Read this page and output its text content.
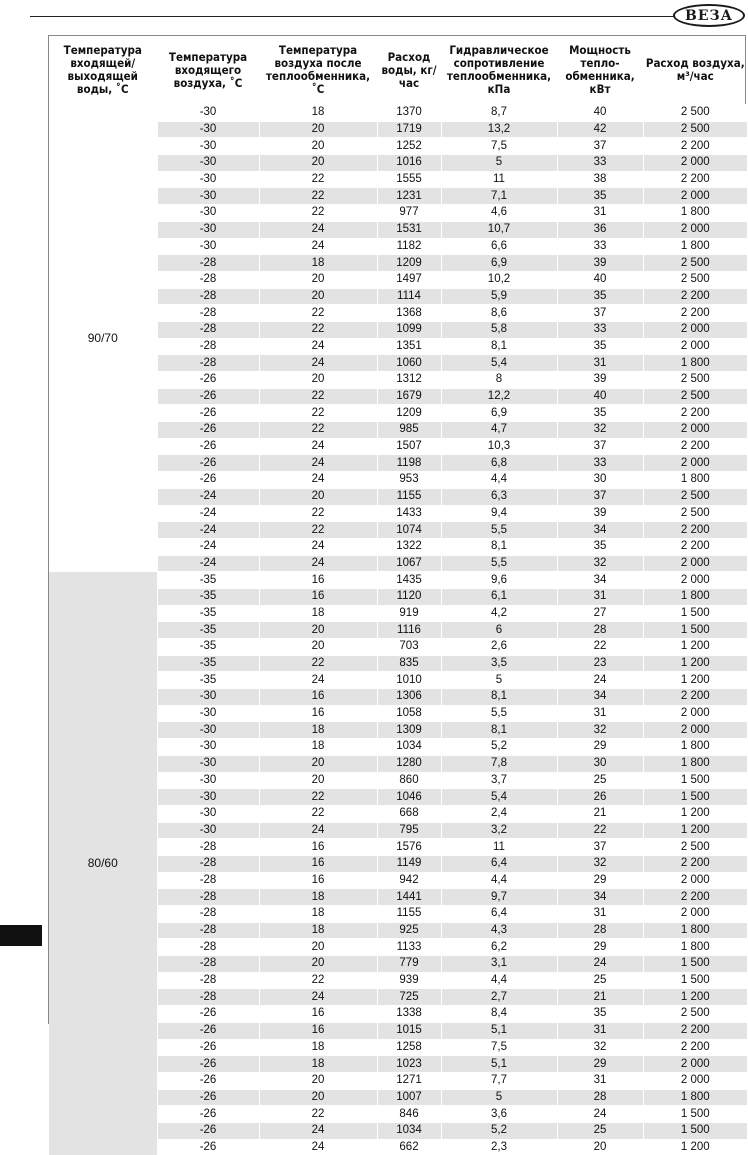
ВЕЗА
Температура входящей/ выходящей воды, ˚С	Температура входящего воздуха, ˚С	Температура воздуха после теплообменника, ˚С	Расход воды, кг/час	Гидравлическое сопротивление теплообменника, кПа	Мощность тепло-обменника, кВт	Расход воздуха, м³/час
90/70	-30	18	1370	8,7	40	2 500
	-30	20	1719	13,2	42	2 500
	-30	20	1252	7,5	37	2 200
	-30	20	1016	5	33	2 000
	-30	22	1555	11	38	2 200
	-30	22	1231	7,1	35	2 000
	-30	22	977	4,6	31	1 800
	-30	24	1531	10,7	36	2 000
	-30	24	1182	6,6	33	1 800
	-28	18	1209	6,9	39	2 500
	-28	20	1497	10,2	40	2 500
	-28	20	1114	5,9	35	2 200
	-28	22	1368	8,6	37	2 200
	-28	22	1099	5,8	33	2 000
	-28	24	1351	8,1	35	2 000
	-28	24	1060	5,4	31	1 800
	-26	20	1312	8	39	2 500
	-26	22	1679	12,2	40	2 500
	-26	22	1209	6,9	35	2 200
	-26	22	985	4,7	32	2 000
	-26	24	1507	10,3	37	2 200
	-26	24	1198	6,8	33	2 000
	-26	24	953	4,4	30	1 800
	-24	20	1155	6,3	37	2 500
	-24	22	1433	9,4	39	2 500
	-24	22	1074	5,5	34	2 200
	-24	24	1322	8,1	35	2 200
	-24	24	1067	5,5	32	2 000
80/60	-35	16	1435	9,6	34	2 000
	-35	16	1120	6,1	31	1 800
	-35	18	919	4,2	27	1 500
	-35	20	1116	6	28	1 500
	-35	20	703	2,6	22	1 200
	-35	22	835	3,5	23	1 200
	-35	24	1010	5	24	1 200
	-30	16	1306	8,1	34	2 200
	-30	16	1058	5,5	31	2 000
	-30	18	1309	8,1	32	2 000
	-30	18	1034	5,2	29	1 800
	-30	20	1280	7,8	30	1 800
	-30	20	860	3,7	25	1 500
	-30	22	1046	5,4	26	1 500
	-30	22	668	2,4	21	1 200
	-30	24	795	3,2	22	1 200
	-28	16	1576	11	37	2 500
	-28	16	1149	6,4	32	2 200
	-28	16	942	4,4	29	2 000
	-28	18	1441	9,7	34	2 200
	-28	18	1155	6,4	31	2 000
	-28	18	925	4,3	28	1 800
	-28	20	1133	6,2	29	1 800
	-28	20	779	3,1	24	1 500
	-28	22	939	4,4	25	1 500
	-28	24	725	2,7	21	1 200
	-26	16	1338	8,4	35	2 500
	-26	16	1015	5,1	31	2 200
	-26	18	1258	7,5	32	2 200
	-26	18	1023	5,1	29	2 000
	-26	20	1271	7,7	31	2 000
	-26	20	1007	5	28	1 800
	-26	22	846	3,6	24	1 500
	-26	24	1034	5,2	25	1 500
	-26	24	662	2,3	20	1 200
